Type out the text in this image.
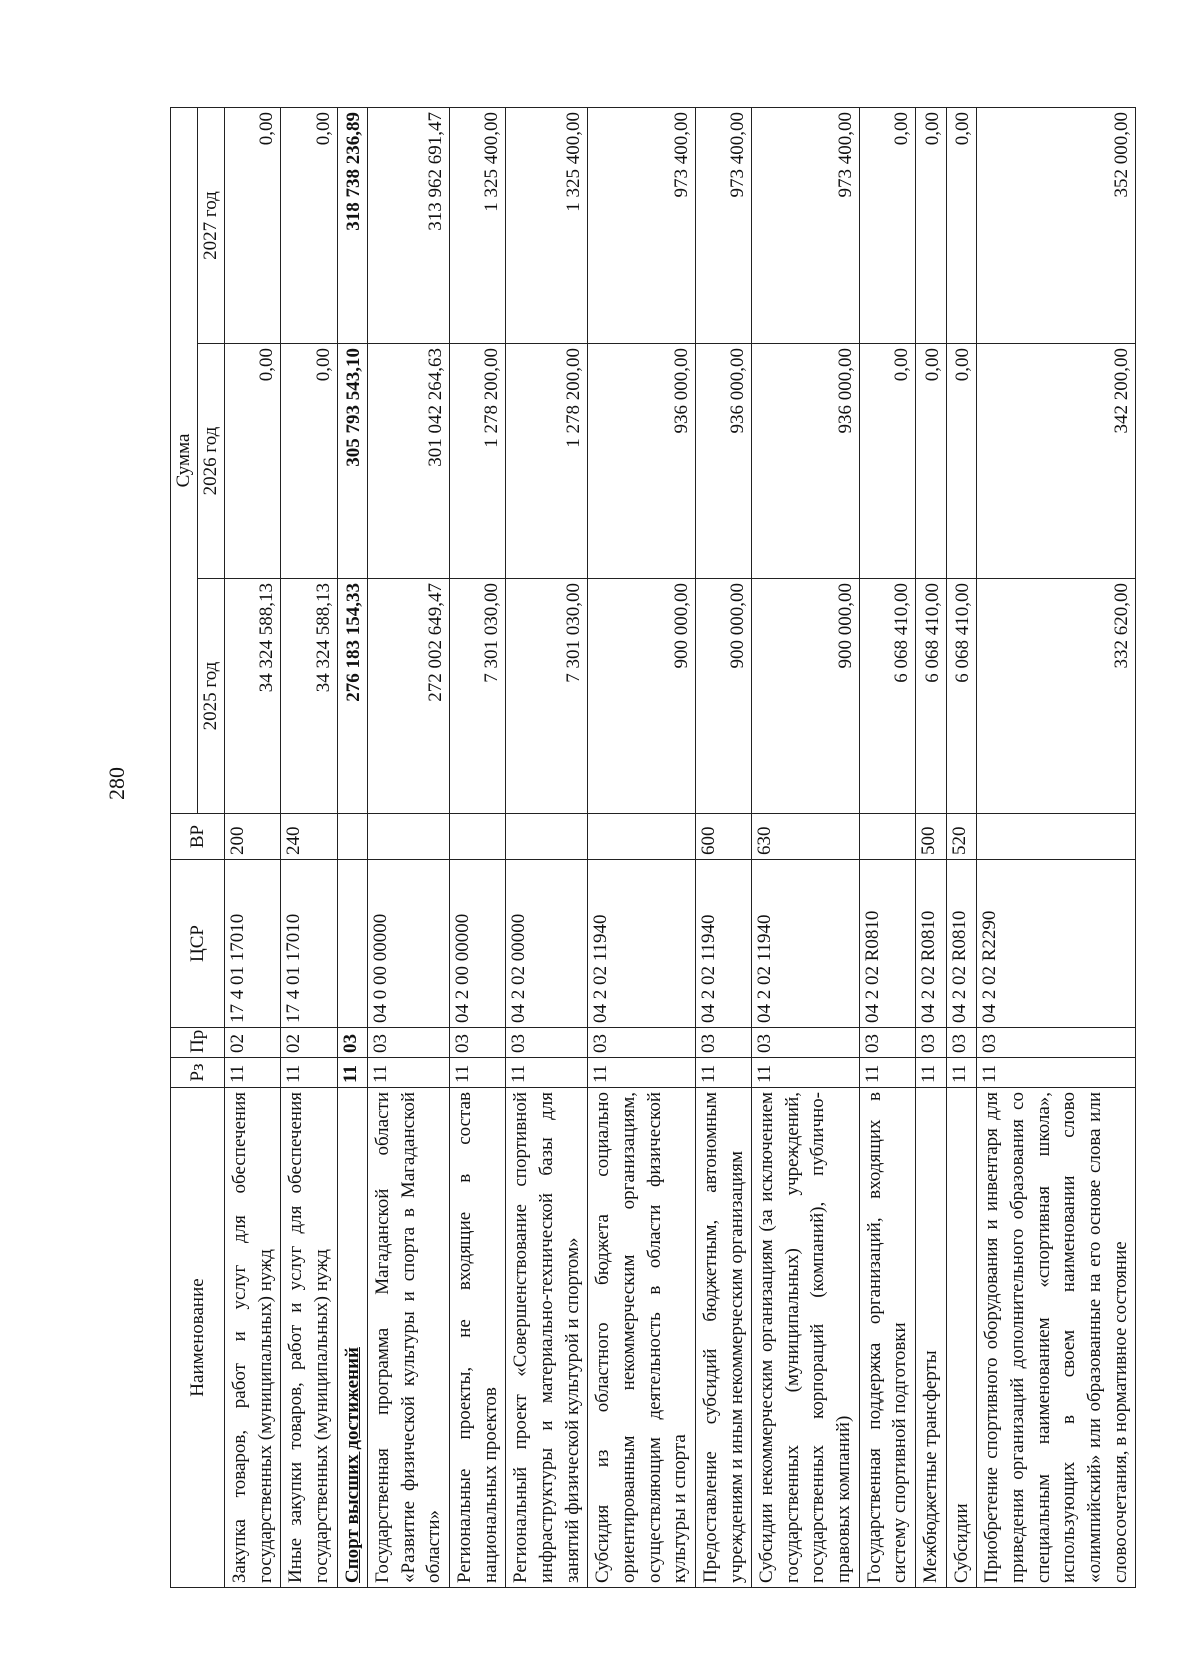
280
Наименование	Рз	Пр	ЦСР	ВР	Сумма		
					2025 год	2026 год	2027 год
Закупка товаров, работ и услуг для обеспечения государственных (муниципальных) нужд	11	02	17 4 01 17010	200	34 324 588,13	0,00	0,00
Иные закупки товаров, работ и услуг для обеспечения государственных (муниципальных) нужд	11	02	17 4 01 17010	240	34 324 588,13	0,00	0,00
Спорт высших достижений	11	03			276 183 154,33	305 793 543,10	318 738 236,89
Государственная программа Магаданской области «Развитие физической культуры и спорта в Магаданской области»	11	03	04 0 00 00000		272 002 649,47	301 042 264,63	313 962 691,47
Региональные проекты, не входящие в состав национальных проектов	11	03	04 2 00 00000		7 301 030,00	1 278 200,00	1 325 400,00
Региональный проект «Совершенствование спортивной инфраструктуры и материально-технической базы для занятий физической культурой и спортом»	11	03	04 2 02 00000		7 301 030,00	1 278 200,00	1 325 400,00
Субсидия из областного бюджета социально ориентированным некоммерческим организациям, осуществляющим деятельность в области физической культуры и спорта	11	03	04 2 02 11940		900 000,00	936 000,00	973 400,00
Предоставление субсидий бюджетным, автономным учреждениям и иным некоммерческим организациям	11	03	04 2 02 11940	600	900 000,00	936 000,00	973 400,00
Субсидии некоммерческим организациям (за исключением государственных (муниципальных) учреждений, государственных корпораций (компаний), публично-правовых компаний)	11	03	04 2 02 11940	630	900 000,00	936 000,00	973 400,00
Государственная поддержка организаций, входящих в систему спортивной подготовки	11	03	04 2 02 R0810		6 068 410,00	0,00	0,00
Межбюджетные трансферты	11	03	04 2 02 R0810	500	6 068 410,00	0,00	0,00
Субсидии	11	03	04 2 02 R0810	520	6 068 410,00	0,00	0,00
Приобретение спортивного оборудования и инвентаря для приведения организаций дополнительного образования со специальным наименованием «спортивная школа», использующих в своем наименовании слово «олимпийский» или образованные на его основе слова или словосочетания, в нормативное состояние	11	03	04 2 02 R2290		332 620,00	342 200,00	352 000,00
